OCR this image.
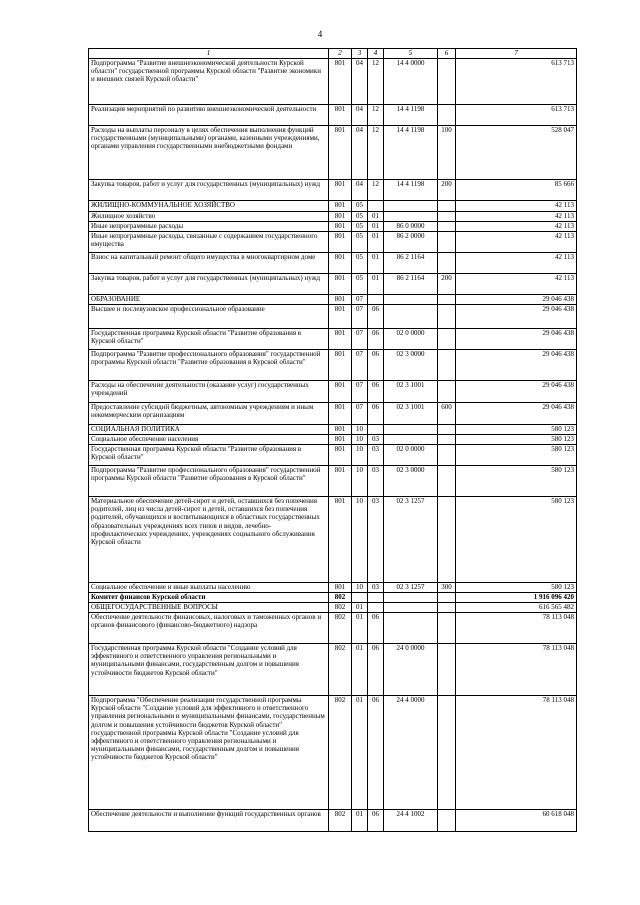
4
1	2	3	4	5	6	7
Подпрограмма "Развитие внешнеэкономической деятельности Курской области" государственной программы Курской области "Развитие экономики и внешних связей Курской области"	801	04	12	14 4 0000		613 713
Реализация мероприятий по развитию внешнеэкономической деятельности	801	04	12	14 4 1198		613 713
Расходы на выплаты персоналу в целях обеспечения выполнения функций государственными (муниципальными) органами, казенными учреждениями, органами управления государственными внебюджетными фондами	801	04	12	14 4 1198	100	528 047
Закупка товаров, работ и услуг для государственных (муниципальных) нужд	801	04	12	14 4 1198	200	85 666
ЖИЛИЩНО-КОММУНАЛЬНОЕ ХОЗЯЙСТВО	801	05				42 113
Жилищное хозяйство	801	05	01			42 113
Иные непрограммные расходы	801	05	01	86 0 0000		42 113
Иные непрограммные расходы, связанные с содержанием государственного имущества	801	05	01	86 2 0000		42 113
Взнос на капитальный ремонт общего имущества в многоквартирном доме	801	05	01	86 2 1164		42 113
Закупка товаров, работ и услуг для государственных (муниципальных) нужд	801	05	01	86 2 1164	200	42 113
ОБРАЗОВАНИЕ	801	07				29 046 438
Высшее и послевузовское профессиональное образование	801	07	06			29 046 438
Государственная программа Курской области "Развитие образования в Курской области"	801	07	06	02 0 0000		29 046 438
Подпрограмма "Развитие профессионального образования" государственной программы Курской области "Развитие образования в Курской области"	801	07	06	02 3 0000		29 046 438
Расходы на обеспечение деятельности (оказание услуг) государственных учреждений	801	07	06	02 3 1001		29 046 438
Предоставление субсидий бюджетным, автономным учреждениям и иным некоммерческим организациям	801	07	06	02 3 1001	600	29 046 438
СОЦИАЛЬНАЯ ПОЛИТИКА	801	10				580 123
Социальное обеспечение населения	801	10	03			580 123
Государственная программа Курской области "Развитие образования в Курской области"	801	10	03	02 0 0000		580 123
Подпрограмма "Развитие профессионального образования" государственной программы Курской области "Развитие образования в Курской области"	801	10	03	02 3 0000		580 123
Материальное обеспечение детей-сирот и детей, оставшихся без попечения родителей, лиц из числа детей-сирот и детей, оставшихся без попечения родителей, обучающихся и воспитывающихся в областных государственных образовательных учреждениях всех типов и видов, лечебно-профилактических учреждениях, учреждениях социального обслуживания Курской области	801	10	03	02 3 1257		580 123
Социальное обеспечение и иные выплаты населению	801	10	03	02 3 1257	300	580 123
Комитет финансов Курской области	802					1 916 096 420
ОБЩЕГОСУДАРСТВЕННЫЕ ВОПРОСЫ	802	01				616 565 482
Обеспечение деятельности финансовых, налоговых и таможенных органов и органов финансового (финансово-бюджетного) надзора	802	01	06			78 113 048
Государственная программа Курской области "Создание условий для эффективного и ответственного управления региональными и муниципальными финансами, государственным долгом и повышения устойчивости бюджетов Курской области"	802	01	06	24 0 0000		78 113 048
Подпрограмма "Обеспечение реализации государственной программы Курской области "Создание условий для эффективного и ответственного управления региональными и муниципальными финансами, государственным долгом и повышения устойчивости бюджетов Курской области" государственной программы Курской области "Создание условий для эффективного и ответственного управления региональными и муниципальными финансами, государственным долгом и повышения устойчивости бюджетов Курской области"	802	01	06	24 4 0000		78 113 048
Обеспечение деятельности и выполнение функций государственных органов	802	01	06	24 4 1002		60 618 048
